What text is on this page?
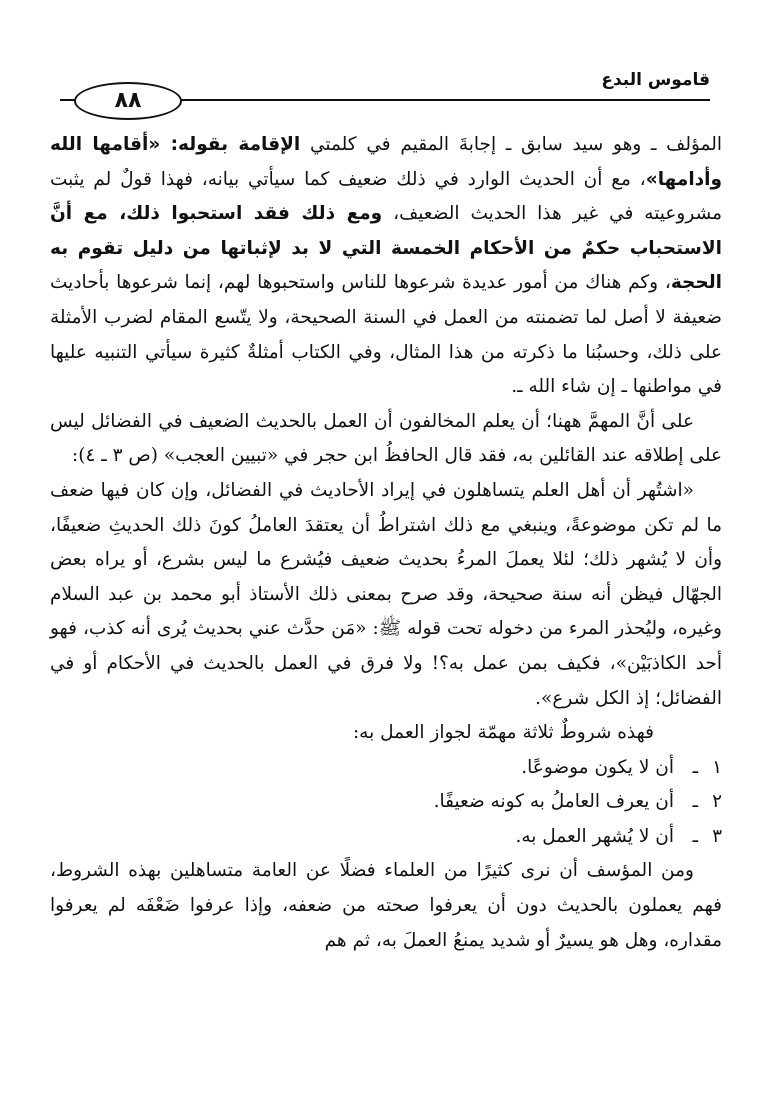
قاموس البدع
٨٨

المؤلف ـ وهو سيد سابق ـ إجابةَ المقيم في كلمتي الإقامة بقوله: «أقامها الله وأدامها»، مع أن الحديث الوارد في ذلك ضعيف كما سيأتي بيانه، فهذا قولٌ لم يثبت مشروعيته في غير هذا الحديث الضعيف، ومع ذلك فقد استحبوا ذلك، مع أنَّ الاستحباب حكمٌ من الأحكام الخمسة التي لا بد لإثباتها من دليل تقوم به الحجة، وكم هناك من أمور عديدة شرعوها للناس واستحبوها لهم، إنما شرعوها بأحاديث ضعيفة لا أصل لما تضمنته من العمل في السنة الصحيحة، ولا يتّسع المقام لضرب الأمثلة على ذلك، وحسبُنا ما ذكرته من هذا المثال، وفي الكتاب أمثلةٌ كثيرة سيأتي التنبيه عليها في مواطنها ـ إن شاء الله ـ.

على أنَّ المهمَّ ههنا؛ أن يعلم المخالفون أن العمل بالحديث الضعيف في الفضائل ليس على إطلاقه عند القائلين به، فقد قال الحافظُ ابن حجر في «تبيين العجب» (ص ٣ ـ ٤):

«اشتُهر أن أهل العلم يتساهلون في إيراد الأحاديث في الفضائل، وإن كان فيها ضعف ما لم تكن موضوعةً، وينبغي مع ذلك اشتراطُ أن يعتقدَ العاملُ كونَ ذلك الحديثِ ضعيفًا، وأن لا يُشهر ذلك؛ لئلا يعملَ المرءُ بحديث ضعيف فيُشرع ما ليس بشرع، أو يراه بعض الجهّال فيظن أنه سنة صحيحة، وقد صرح بمعنى ذلك الأستاذ أبو محمد بن عبد السلام وغيره، وليُحذر المرء من دخوله تحت قوله ﷺ: «مَن حدَّث عني بحديث يُرى أنه كذب، فهو أحد الكاذبَيْن»، فكيف بمن عمل به؟! ولا فرق في العمل بالحديث في الأحكام أو في الفضائل؛ إذ الكل شرع».

فهذه شروطٌ ثلاثة مهمّة لجواز العمل به:

١ـأن لا يكون موضوعًا.

٢ـأن يعرف العاملُ به كونه ضعيفًا.

٣ـأن لا يُشهر العمل به.

ومن المؤسف أن نرى كثيرًا من العلماء فضلًا عن العامة متساهلين بهذه الشروط، فهم يعملون بالحديث دون أن يعرفوا صحته من ضعفه، وإذا عرفوا ضَعْفَه لم يعرفوا مقداره، وهل هو يسيرٌ أو شديد يمنعُ العملَ به، ثم هم
